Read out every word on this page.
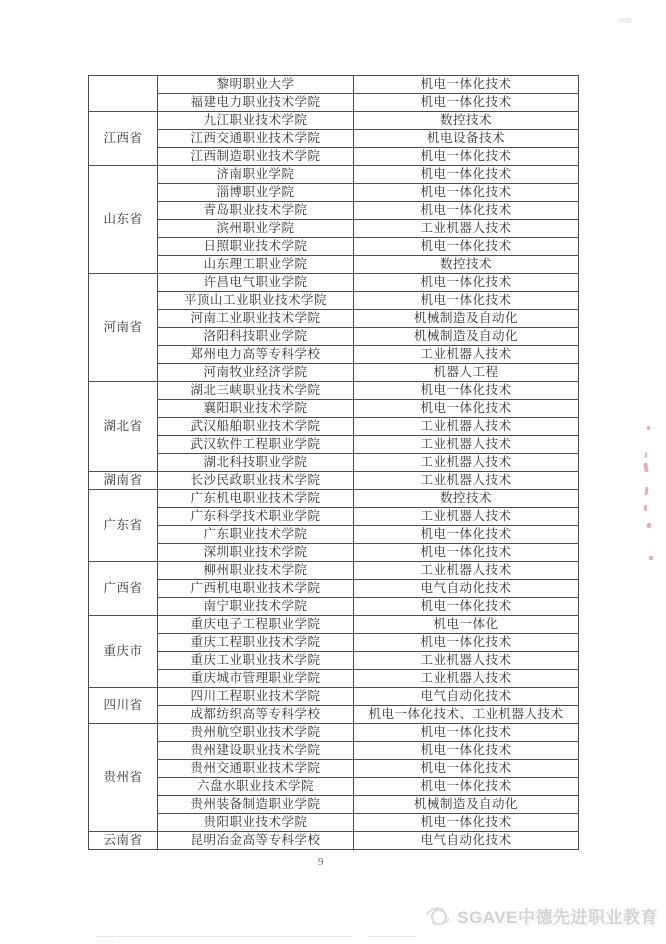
	黎明职业大学	机电一体化技术
	福建电力职业技术学院	机电一体化技术
江西省	九江职业技术学院	数控技术
	江西交通职业技术学院	机电设备技术
	江西制造职业技术学院	机电一体化技术
山东省	济南职业学院	机电一体化技术
	淄博职业学院	机电一体化技术
	青岛职业技术学院	机电一体化技术
	滨州职业学院	工业机器人技术
	日照职业技术学院	机电一体化技术
	山东理工职业学院	数控技术
河南省	许昌电气职业学院	机电一体化技术
	平顶山工业职业技术学院	机电一体化技术
	河南工业职业技术学院	机械制造及自动化
	洛阳科技职业学院	机械制造及自动化
	郑州电力高等专科学校	工业机器人技术
	河南牧业经济学院	机器人工程
湖北省	湖北三峡职业技术学院	机电一体化技术
	襄阳职业技术学院	机电一体化技术
	武汉船舶职业技术学院	工业机器人技术
	武汉软件工程职业学院	工业机器人技术
	湖北科技职业学院	工业机器人技术
湖南省	长沙民政职业技术学院	工业机器人技术
广东省	广东机电职业技术学院	数控技术
	广东科学技术职业学院	工业机器人技术
	广东职业技术学院	机电一体化技术
	深圳职业技术学院	机电一体化技术
广西省	柳州职业技术学院	工业机器人技术
	广西机电职业技术学院	电气自动化技术
	南宁职业技术学院	机电一体化技术
重庆市	重庆电子工程职业学院	机电一体化
	重庆工程职业技术学院	机电一体化技术
	重庆工业职业技术学院	工业机器人技术
	重庆城市管理职业学院	工业机器人技术
四川省	四川工程职业技术学院	电气自动化技术
	成都纺织高等专科学校	机电一体化技术、工业机器人技术
贵州省	贵州航空职业技术学院	机电一体化技术
	贵州建设职业技术学院	机电一体化技术
	贵州交通职业技术学院	机电一体化技术
	六盘水职业技术学院	机电一体化技术
	贵州装备制造职业学院	机械制造及自动化
	贵阳职业技术学院	机电一体化技术
云南省	昆明冶金高等专科学校	电气自动化技术
9
SGAVE中德先进职业教育
